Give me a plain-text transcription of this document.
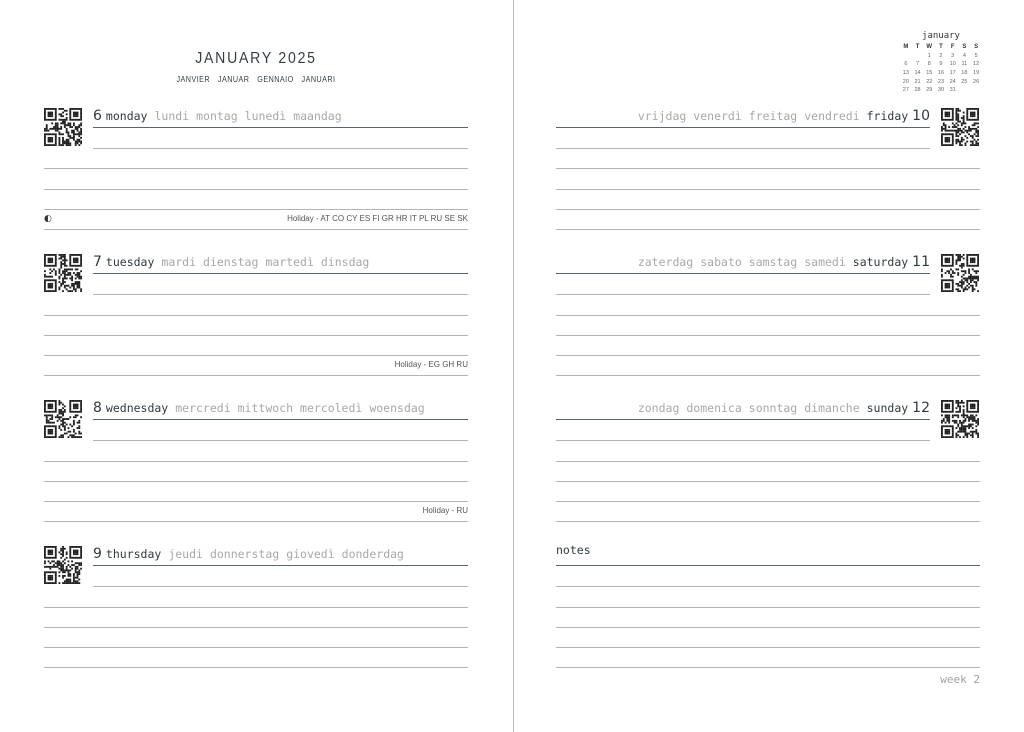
JANUARY 2025
JANVIER JANUAR GENNAIO JANUARI
january
M	T	W	T	F	S	S
		1	2	3	4	5
6	7	8	9	10	11	12
13	14	15	16	17	18	19
20	21	22	23	24	25	26
27	28	29	30	31		
6 monday lundi montag lunedì maandag
◐	Holiday - AT CO CY ES FI GR HR IT PL RU SE SK
7 tuesday mardi dienstag martedì dinsdag
Holiday - EG GH RU
8 wednesday mercredi mittwoch mercoledì woensdag
Holiday - RU
9 thursday jeudi donnerstag giovedì donderdag
vrijdag venerdì freitag vendredi friday 10
zaterdag sabato samstag samedi saturday 11
zondag domenica sonntag dimanche sunday 12
notes
week 2
